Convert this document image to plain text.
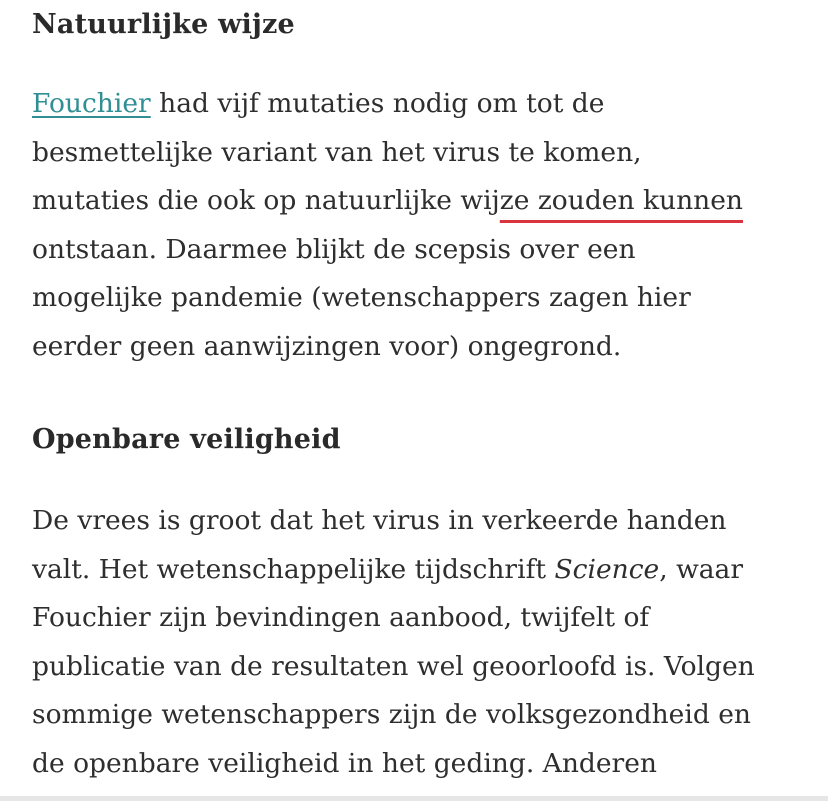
Natuurlijke wijze

Fouchier had vijf mutaties nodig om tot de
besmettelijke variant van het virus te komen,
mutaties die ook op natuurlijke wijze zouden kunnen
ontstaan. Daarmee blijkt de scepsis over een
mogelijke pandemie (wetenschappers zagen hier
eerder geen aanwijzingen voor) ongegrond.

Openbare veiligheid

De vrees is groot dat het virus in verkeerde handen
valt. Het wetenschappelijke tijdschrift Science, waar
Fouchier zijn bevindingen aanbood, twijfelt of
publicatie van de resultaten wel geoorloofd is. Volgen
sommige wetenschappers zijn de volksgezondheid en
de openbare veiligheid in het geding. Anderen
